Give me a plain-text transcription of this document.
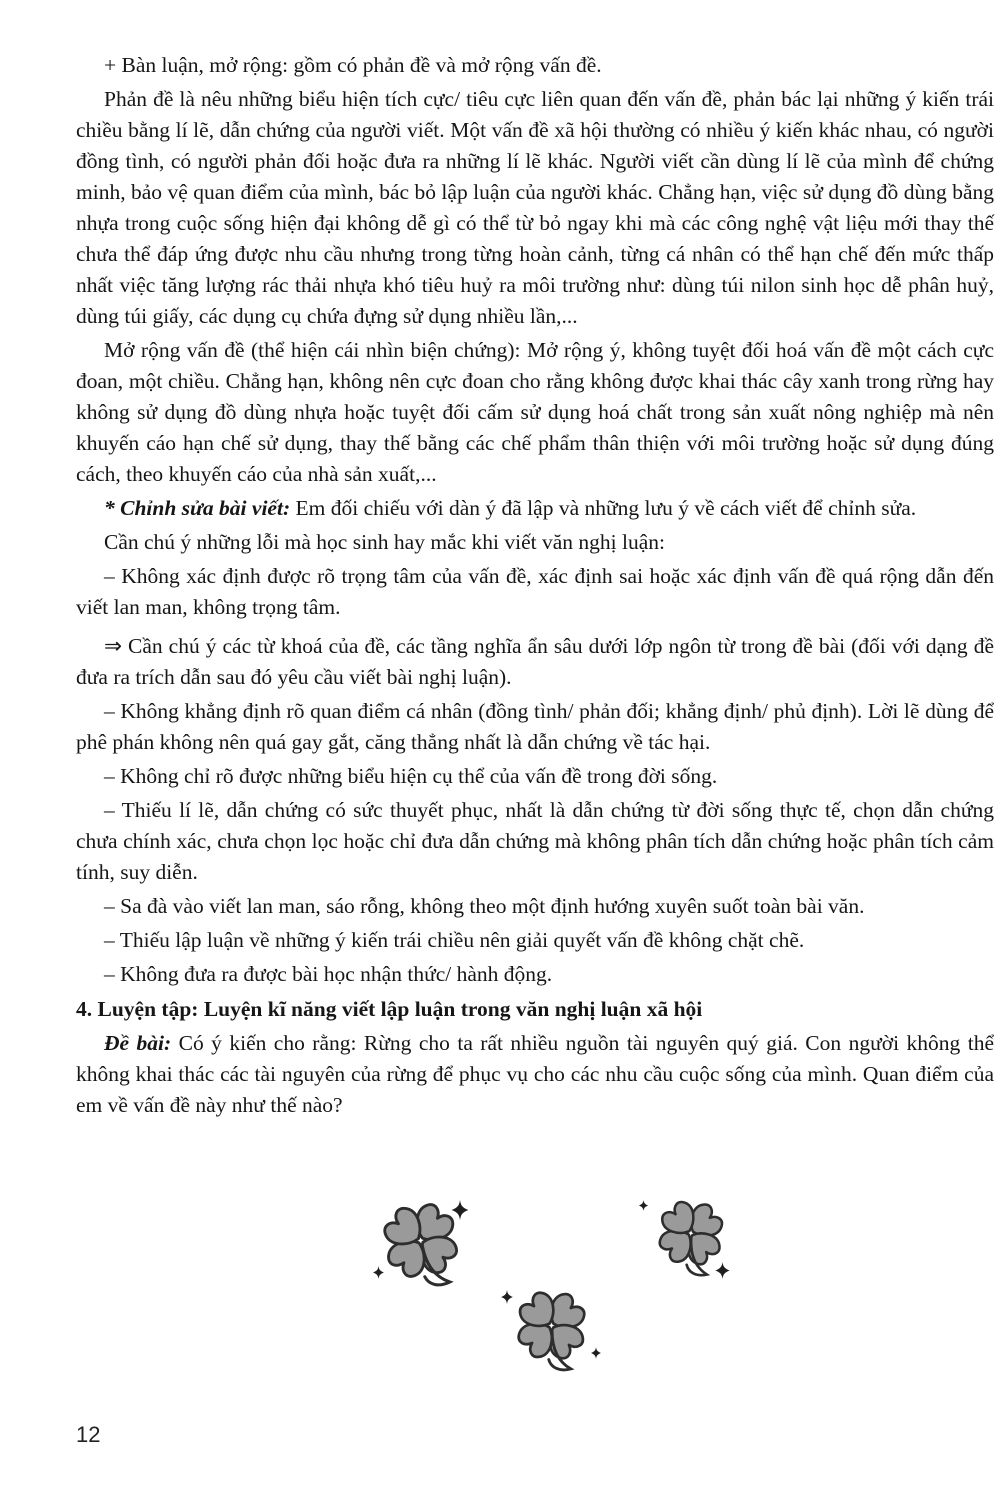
+ Bàn luận, mở rộng: gồm có phản đề và mở rộng vấn đề.

Phản đề là nêu những biểu hiện tích cực/ tiêu cực liên quan đến vấn đề, phản bác lại những ý kiến trái chiều bằng lí lẽ, dẫn chứng của người viết. Một vấn đề xã hội thường có nhiều ý kiến khác nhau, có người đồng tình, có người phản đối hoặc đưa ra những lí lẽ khác. Người viết cần dùng lí lẽ của mình để chứng minh, bảo vệ quan điểm của mình, bác bỏ lập luận của người khác. Chẳng hạn, việc sử dụng đồ dùng bằng nhựa trong cuộc sống hiện đại không dễ gì có thể từ bỏ ngay khi mà các công nghệ vật liệu mới thay thế chưa thể đáp ứng được nhu cầu nhưng trong từng hoàn cảnh, từng cá nhân có thể hạn chế đến mức thấp nhất việc tăng lượng rác thải nhựa khó tiêu huỷ ra môi trường như: dùng túi nilon sinh học dễ phân huỷ, dùng túi giấy, các dụng cụ chứa đựng sử dụng nhiều lần,...

Mở rộng vấn đề (thể hiện cái nhìn biện chứng): Mở rộng ý, không tuyệt đối hoá vấn đề một cách cực đoan, một chiều. Chẳng hạn, không nên cực đoan cho rằng không được khai thác cây xanh trong rừng hay không sử dụng đồ dùng nhựa hoặc tuyệt đối cấm sử dụng hoá chất trong sản xuất nông nghiệp mà nên khuyến cáo hạn chế sử dụng, thay thế bằng các chế phẩm thân thiện với môi trường hoặc sử dụng đúng cách, theo khuyến cáo của nhà sản xuất,...

* Chỉnh sửa bài viết: Em đối chiếu với dàn ý đã lập và những lưu ý về cách viết để chỉnh sửa.

Cần chú ý những lỗi mà học sinh hay mắc khi viết văn nghị luận:

– Không xác định được rõ trọng tâm của vấn đề, xác định sai hoặc xác định vấn đề quá rộng dẫn đến viết lan man, không trọng tâm.

⇒ Cần chú ý các từ khoá của đề, các tầng nghĩa ẩn sâu dưới lớp ngôn từ trong đề bài (đối với dạng đề đưa ra trích dẫn sau đó yêu cầu viết bài nghị luận).

– Không khẳng định rõ quan điểm cá nhân (đồng tình/ phản đối; khẳng định/ phủ định). Lời lẽ dùng để phê phán không nên quá gay gắt, căng thẳng nhất là dẫn chứng về tác hại.

– Không chỉ rõ được những biểu hiện cụ thể của vấn đề trong đời sống.

– Thiếu lí lẽ, dẫn chứng có sức thuyết phục, nhất là dẫn chứng từ đời sống thực tế, chọn dẫn chứng chưa chính xác, chưa chọn lọc hoặc chỉ đưa dẫn chứng mà không phân tích dẫn chứng hoặc phân tích cảm tính, suy diễn.

– Sa đà vào viết lan man, sáo rỗng, không theo một định hướng xuyên suốt toàn bài văn.

– Thiếu lập luận về những ý kiến trái chiều nên giải quyết vấn đề không chặt chẽ.

– Không đưa ra được bài học nhận thức/ hành động.

4. Luyện tập: Luyện kĩ năng viết lập luận trong văn nghị luận xã hội

Đề bài: Có ý kiến cho rằng: Rừng cho ta rất nhiều nguồn tài nguyên quý giá. Con người không thể không khai thác các tài nguyên của rừng để phục vụ cho các nhu cầu cuộc sống của mình. Quan điểm của em về vấn đề này như thế nào?

12
